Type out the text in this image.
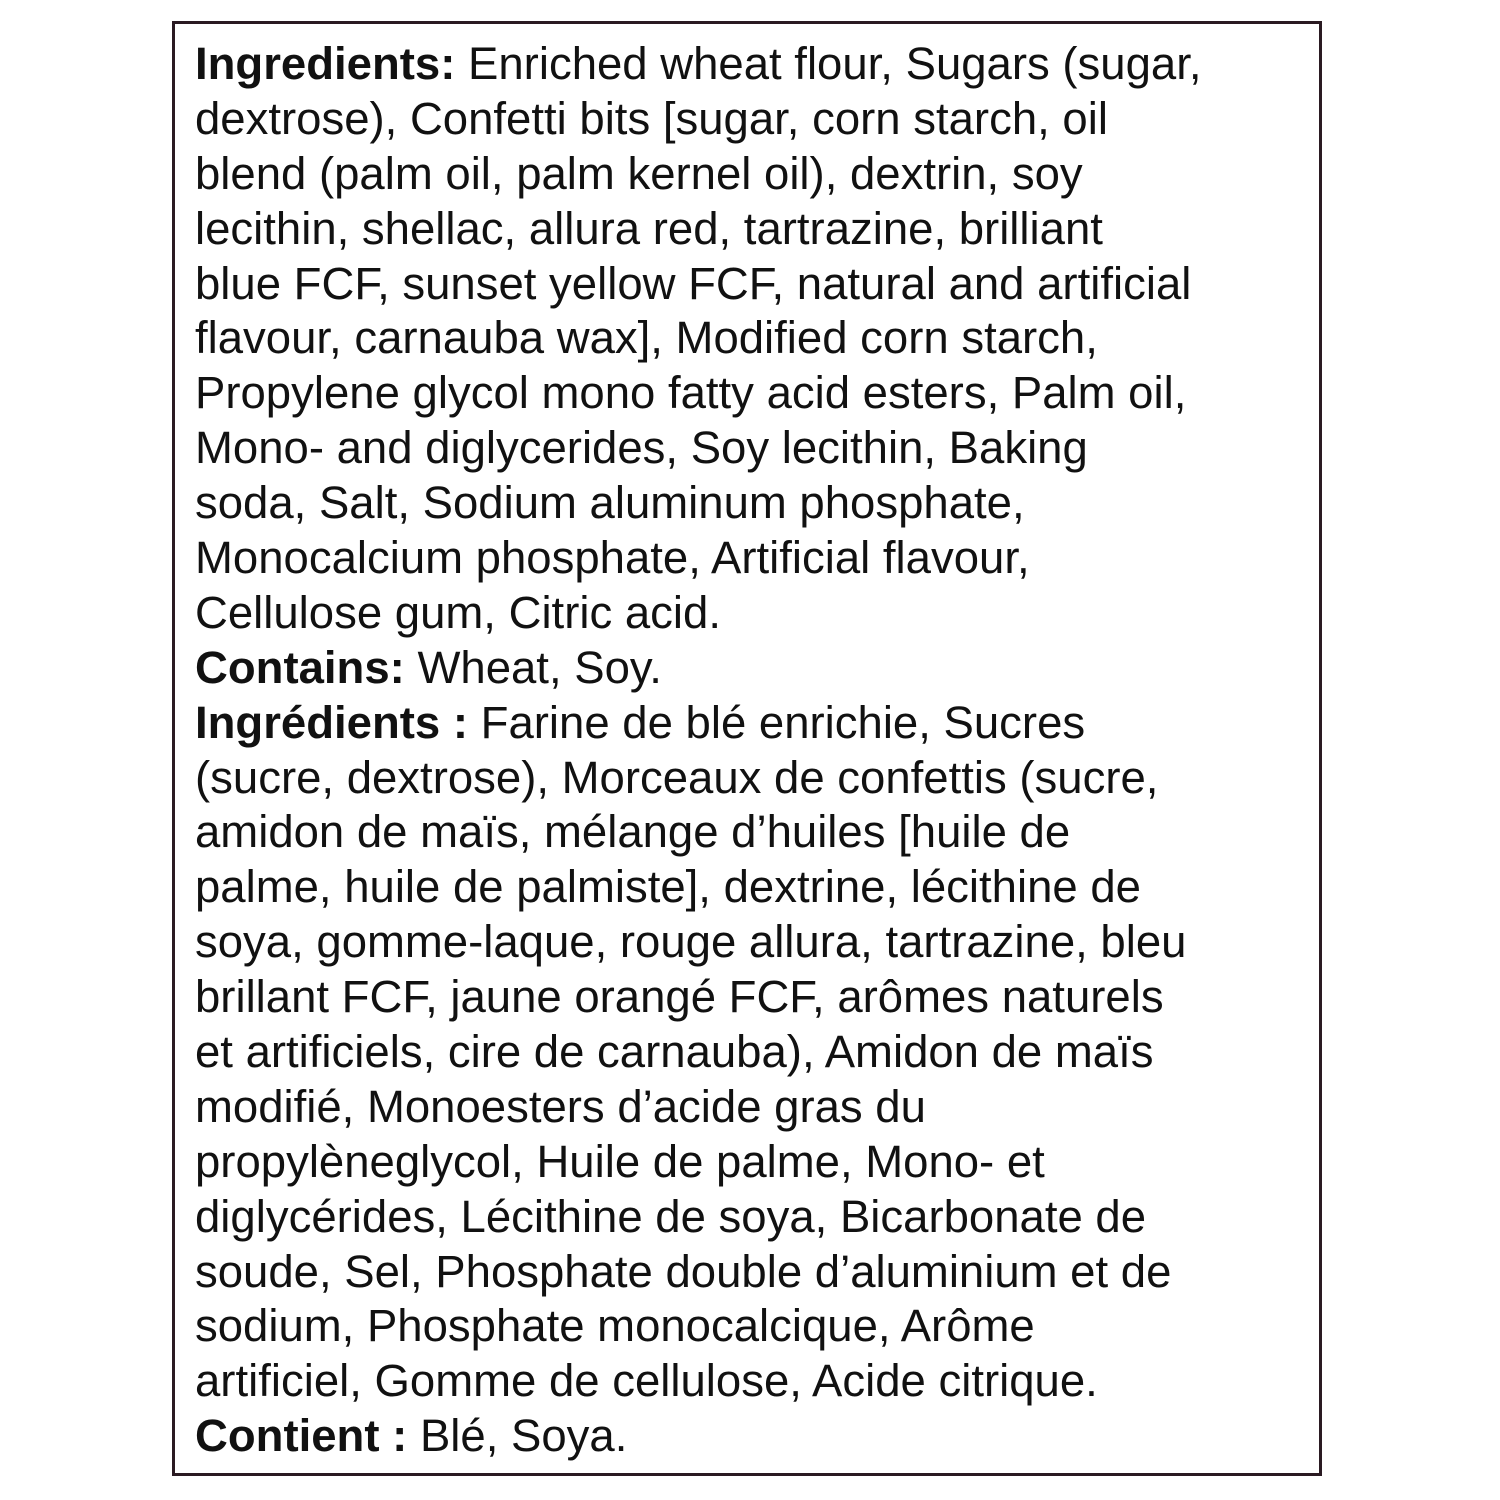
Ingredients: Enriched wheat flour, Sugars (sugar,
dextrose), Confetti bits [sugar, corn starch, oil
blend (palm oil, palm kernel oil), dextrin, soy
lecithin, shellac, allura red, tartrazine, brilliant
blue FCF, sunset yellow FCF, natural and artificial
flavour, carnauba wax], Modified corn starch,
Propylene glycol mono fatty acid esters, Palm oil,
Mono- and diglycerides, Soy lecithin, Baking
soda, Salt, Sodium aluminum phosphate,
Monocalcium phosphate, Artificial flavour,
Cellulose gum, Citric acid.
Contains: Wheat, Soy.
Ingrédients : Farine de blé enrichie, Sucres
(sucre, dextrose), Morceaux de confettis (sucre,
amidon de maïs, mélange d’huiles [huile de
palme, huile de palmiste], dextrine, lécithine de
soya, gomme-laque, rouge allura, tartrazine, bleu
brillant FCF, jaune orangé FCF, arômes naturels
et artificiels, cire de carnauba), Amidon de maïs
modifié, Monoesters d’acide gras du
propylèneglycol, Huile de palme, Mono- et
diglycérides, Lécithine de soya, Bicarbonate de
soude, Sel, Phosphate double d’aluminium et de
sodium, Phosphate monocalcique, Arôme
artificiel, Gomme de cellulose, Acide citrique.
Contient : Blé, Soya.
